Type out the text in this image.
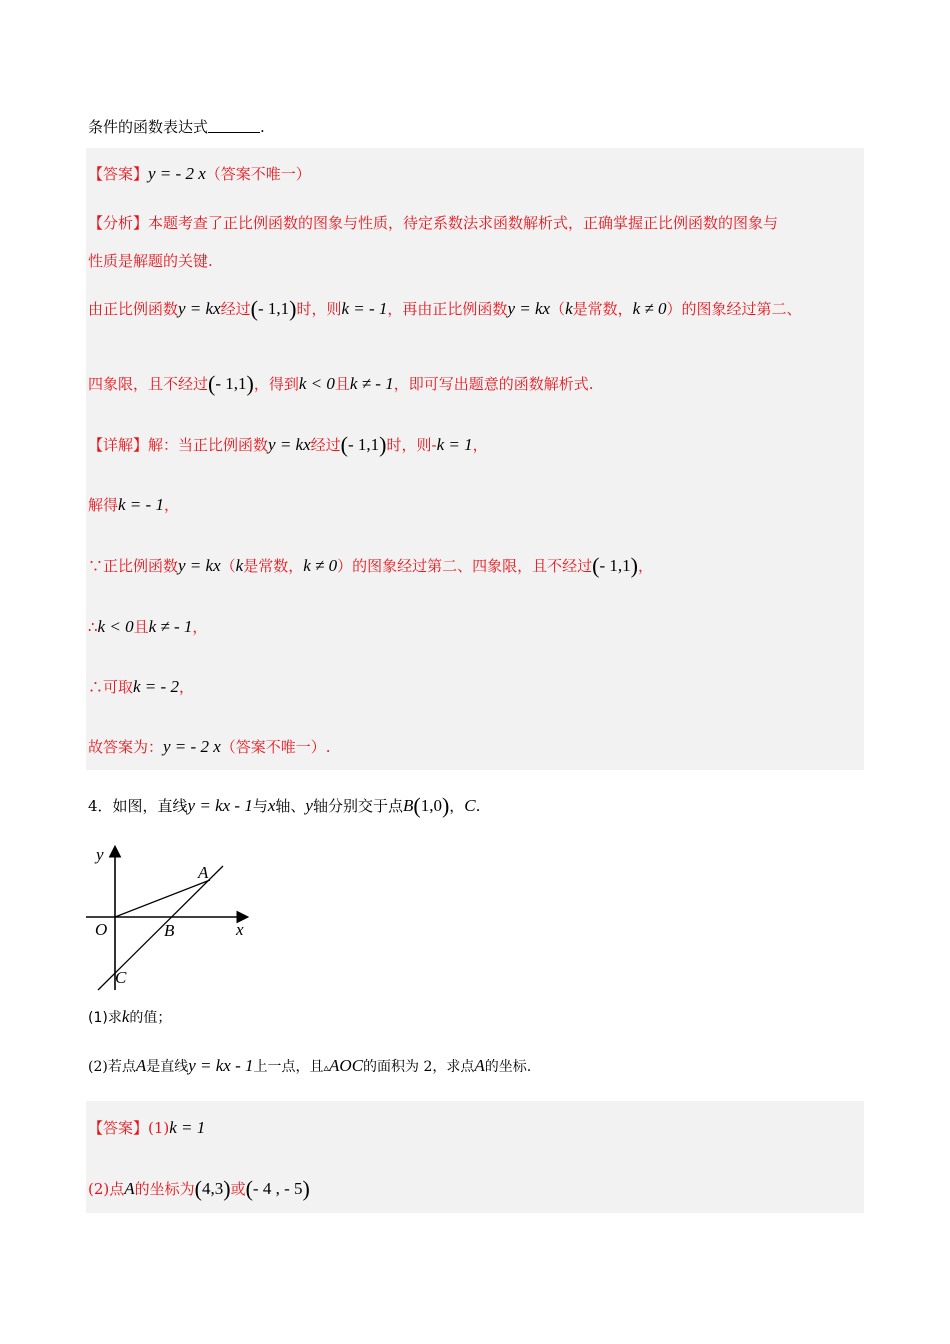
条件的函数表达式	.
【答案】y = - 2 x（答案不唯一）
【分析】本题考查了正比例函数的图象与性质，待定系数法求函数解析式，正确掌握正比例函数的图象与
性质是解题的关键.
由正比例函数y = kx经过(- 1,1)时，则k = - 1，再由正比例函数y = kx（k是常数，k ≠ 0）的图象经过第二、
四象限，且不经过(- 1,1)，得到k < 0且k ≠ - 1，即可写出题意的函数解析式.
【详解】解：当正比例函数y = kx经过(- 1,1)时，则-k = 1，
解得k = - 1，
∵正比例函数y = kx（k是常数，k ≠ 0）的图象经过第二、四象限，且不经过(- 1,1)，
∴k < 0且k ≠ - 1，
∴可取k = - 2，
故答案为：y = - 2 x（答案不唯一）.
4．如图，直线y = kx - 1与x轴、y轴分别交于点B(1,0)，C.
y
x
O
A
B
C
(1)求k的值；
(2)若点A是直线y = kx - 1上一点，且▵AOC的面积为 2，求点A的坐标.
【答案】(1)k = 1
(2)点A的坐标为(4,3)或(- 4 , - 5)
